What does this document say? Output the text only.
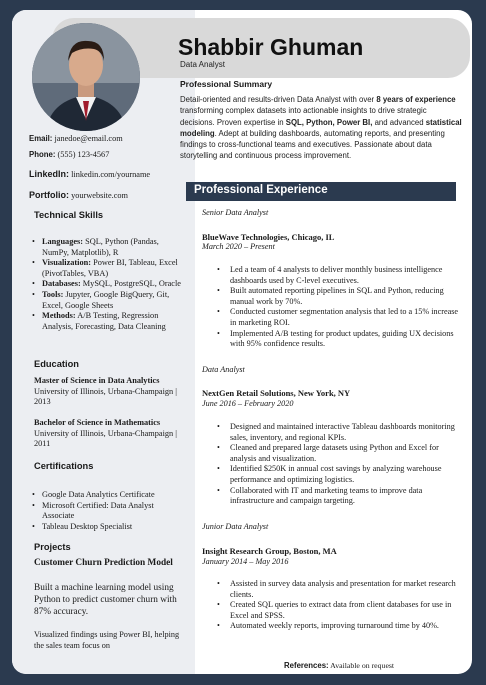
Shabbir Ghuman
Data Analyst
Professional Summary
Detail-oriented and results-driven Data Analyst with over 8 years of experience transforming complex datasets into actionable insights to drive strategic decisions. Proven expertise in SQL, Python, Power BI, and advanced statistical modeling. Adept at building dashboards, automating reports, and presenting findings to cross-functional teams and executives. Passionate about data storytelling and continuous process improvement.
Email: janedoe@email.com
Phone: (555) 123-4567
LinkedIn: linkedin.com/yourname
Portfolio: yourwebsite.com
Technical Skills
• Languages: SQL, Python (Pandas, NumPy, Matplotlib), R
• Visualization: Power BI, Tableau, Excel (PivotTables, VBA)
• Databases: MySQL, PostgreSQL, Oracle
• Tools: Jupyter, Google BigQuery, Git, Excel, Google Sheets
• Methods: A/B Testing, Regression Analysis, Forecasting, Data Cleaning
Education
Master of Science in Data Analytics
University of Illinois, Urbana-Champaign | 2013
Bachelor of Science in Mathematics
University of Illinois, Urbana-Champaign | 2011
Certifications
• Google Data Analytics Certificate
• Microsoft Certified: Data Analyst Associate
• Tableau Desktop Specialist
Projects
Customer Churn Prediction Model
Built a machine learning model using Python to predict customer churn with 87% accuracy.
Visualized findings using Power BI, helping the sales team focus on
Professional Experience
Senior Data Analyst
BlueWave Technologies, Chicago, IL
March 2020 – Present
• Led a team of 4 analysts to deliver monthly business intelligence dashboards used by C-level executives.
• Built automated reporting pipelines in SQL and Python, reducing manual work by 70%.
• Conducted customer segmentation analysis that led to a 15% increase in marketing ROI.
• Implemented A/B testing for product updates, guiding UX decisions with 95% confidence results.
Data Analyst
NextGen Retail Solutions, New York, NY
June 2016 – February 2020
• Designed and maintained interactive Tableau dashboards monitoring sales, inventory, and regional KPIs.
• Cleaned and prepared large datasets using Python and Excel for analysis and visualization.
• Identified $250K in annual cost savings by analyzing warehouse performance and optimizing logistics.
• Collaborated with IT and marketing teams to improve data infrastructure and campaign targeting.
Junior Data Analyst
Insight Research Group, Boston, MA
January 2014 – May 2016
• Assisted in survey data analysis and presentation for market research clients.
• Created SQL queries to extract data from client databases for use in Excel and SPSS.
• Automated weekly reports, improving turnaround time by 40%.
References: Available on request
